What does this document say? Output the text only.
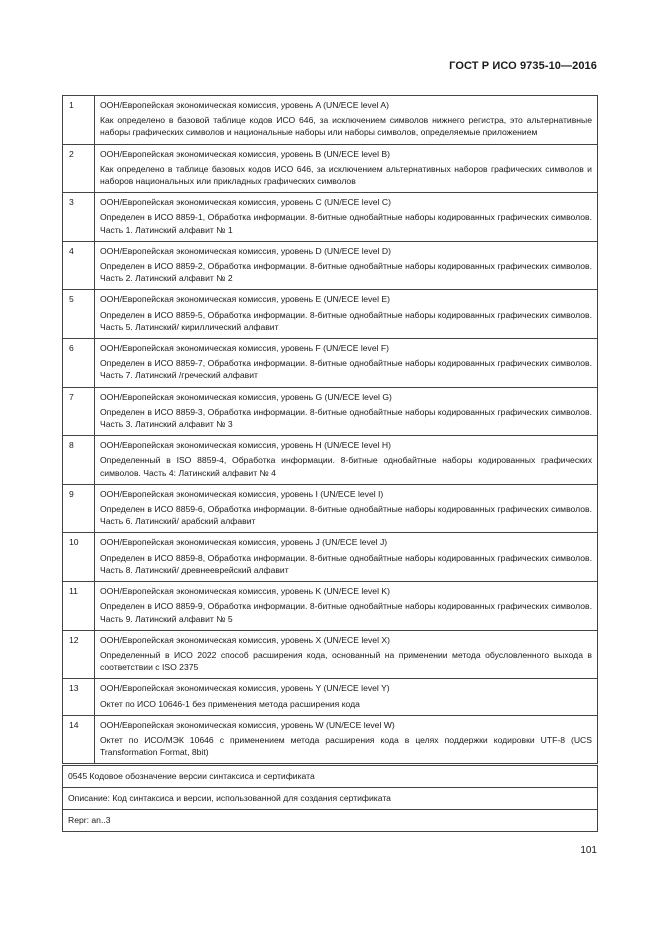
ГОСТ Р ИСО 9735-10—2016
1	ООН/Европейская экономическая комиссия, уровень A (UN/ECE level A)
Как определено в базовой таблице кодов ИСО 646, за исключением символов нижнего регистра, это альтернативные наборы графических символов и национальные наборы или наборы символов, определяемые приложением

2	ООН/Европейская экономическая комиссия, уровень B (UN/ECE level B)
Как определено в таблице базовых кодов ИСО 646, за исключением альтернативных наборов графических символов и наборов национальных или прикладных графических символов

3	ООН/Европейская экономическая комиссия, уровень C (UN/ECE level C)
Определен в ИСО 8859-1, Обработка информации. 8-битные однобайтные наборы кодированных графических символов. Часть 1. Латинский алфавит № 1

4	ООН/Европейская экономическая комиссия, уровень D (UN/ECE level D)
Определен в ИСО 8859-2, Обработка информации. 8-битные однобайтные наборы кодированных графических символов. Часть 2. Латинский алфавит № 2

5	ООН/Европейская экономическая комиссия, уровень E (UN/ECE level E)
Определен в ИСО 8859-5, Обработка информации. 8-битные однобайтные наборы кодированных графических символов. Часть 5. Латинский/ кириллический алфавит

6	ООН/Европейская экономическая комиссия, уровень F (UN/ECE level F)
Определен в ИСО 8859-7, Обработка информации. 8-битные однобайтные наборы кодированных графических символов. Часть 7. Латинский /греческий алфавит

7	ООН/Европейская экономическая комиссия, уровень G (UN/ECE level G)
Определен в ИСО 8859-3, Обработка информации. 8-битные однобайтные наборы кодированных графических символов. Часть 3. Латинский алфавит № 3

8	ООН/Европейская экономическая комиссия, уровень H (UN/ECE level H)
Определенный в ISO 8859-4, Обработка информации. 8-битные однобайтные наборы кодированных графических символов. Часть 4: Латинский алфавит № 4

9	ООН/Европейская экономическая комиссия, уровень I (UN/ECE level I)
Определен в ИСО 8859-6, Обработка информации. 8-битные однобайтные наборы кодированных графических символов. Часть 6. Латинский/ арабский алфавит

10	ООН/Европейская экономическая комиссия, уровень J (UN/ECE level J)
Определен в ИСО 8859-8, Обработка информации. 8-битные однобайтные наборы кодированных графических символов. Часть 8. Латинский/ древнееврейский алфавит

11	ООН/Европейская экономическая комиссия, уровень K (UN/ECE level K)
Определен в ИСО 8859-9, Обработка информации. 8-битные однобайтные наборы кодированных графических символов. Часть 9. Латинский алфавит № 5

12	ООН/Европейская экономическая комиссия, уровень X (UN/ECE level X)
Определенный в ИСО 2022 способ расширения кода, основанный на применении метода обусловленного выхода в соответствии с ISO 2375

13	ООН/Европейская экономическая комиссия, уровень Y (UN/ECE level Y)
Октет по ИСО 10646-1 без применения метода расширения кода

14	ООН/Европейская экономическая комиссия, уровень W (UN/ECE level W)
Октет по ИСО/МЭК 10646 с применением метода расширения кода в целях поддержки кодировки UTF-8 (UCS Transformation Format, 8bit)
0545 Кодовое обозначение версии синтаксиса и сертификата
Описание: Код синтаксиса и версии, использованной для создания сертификата
Repr: an..3
101
